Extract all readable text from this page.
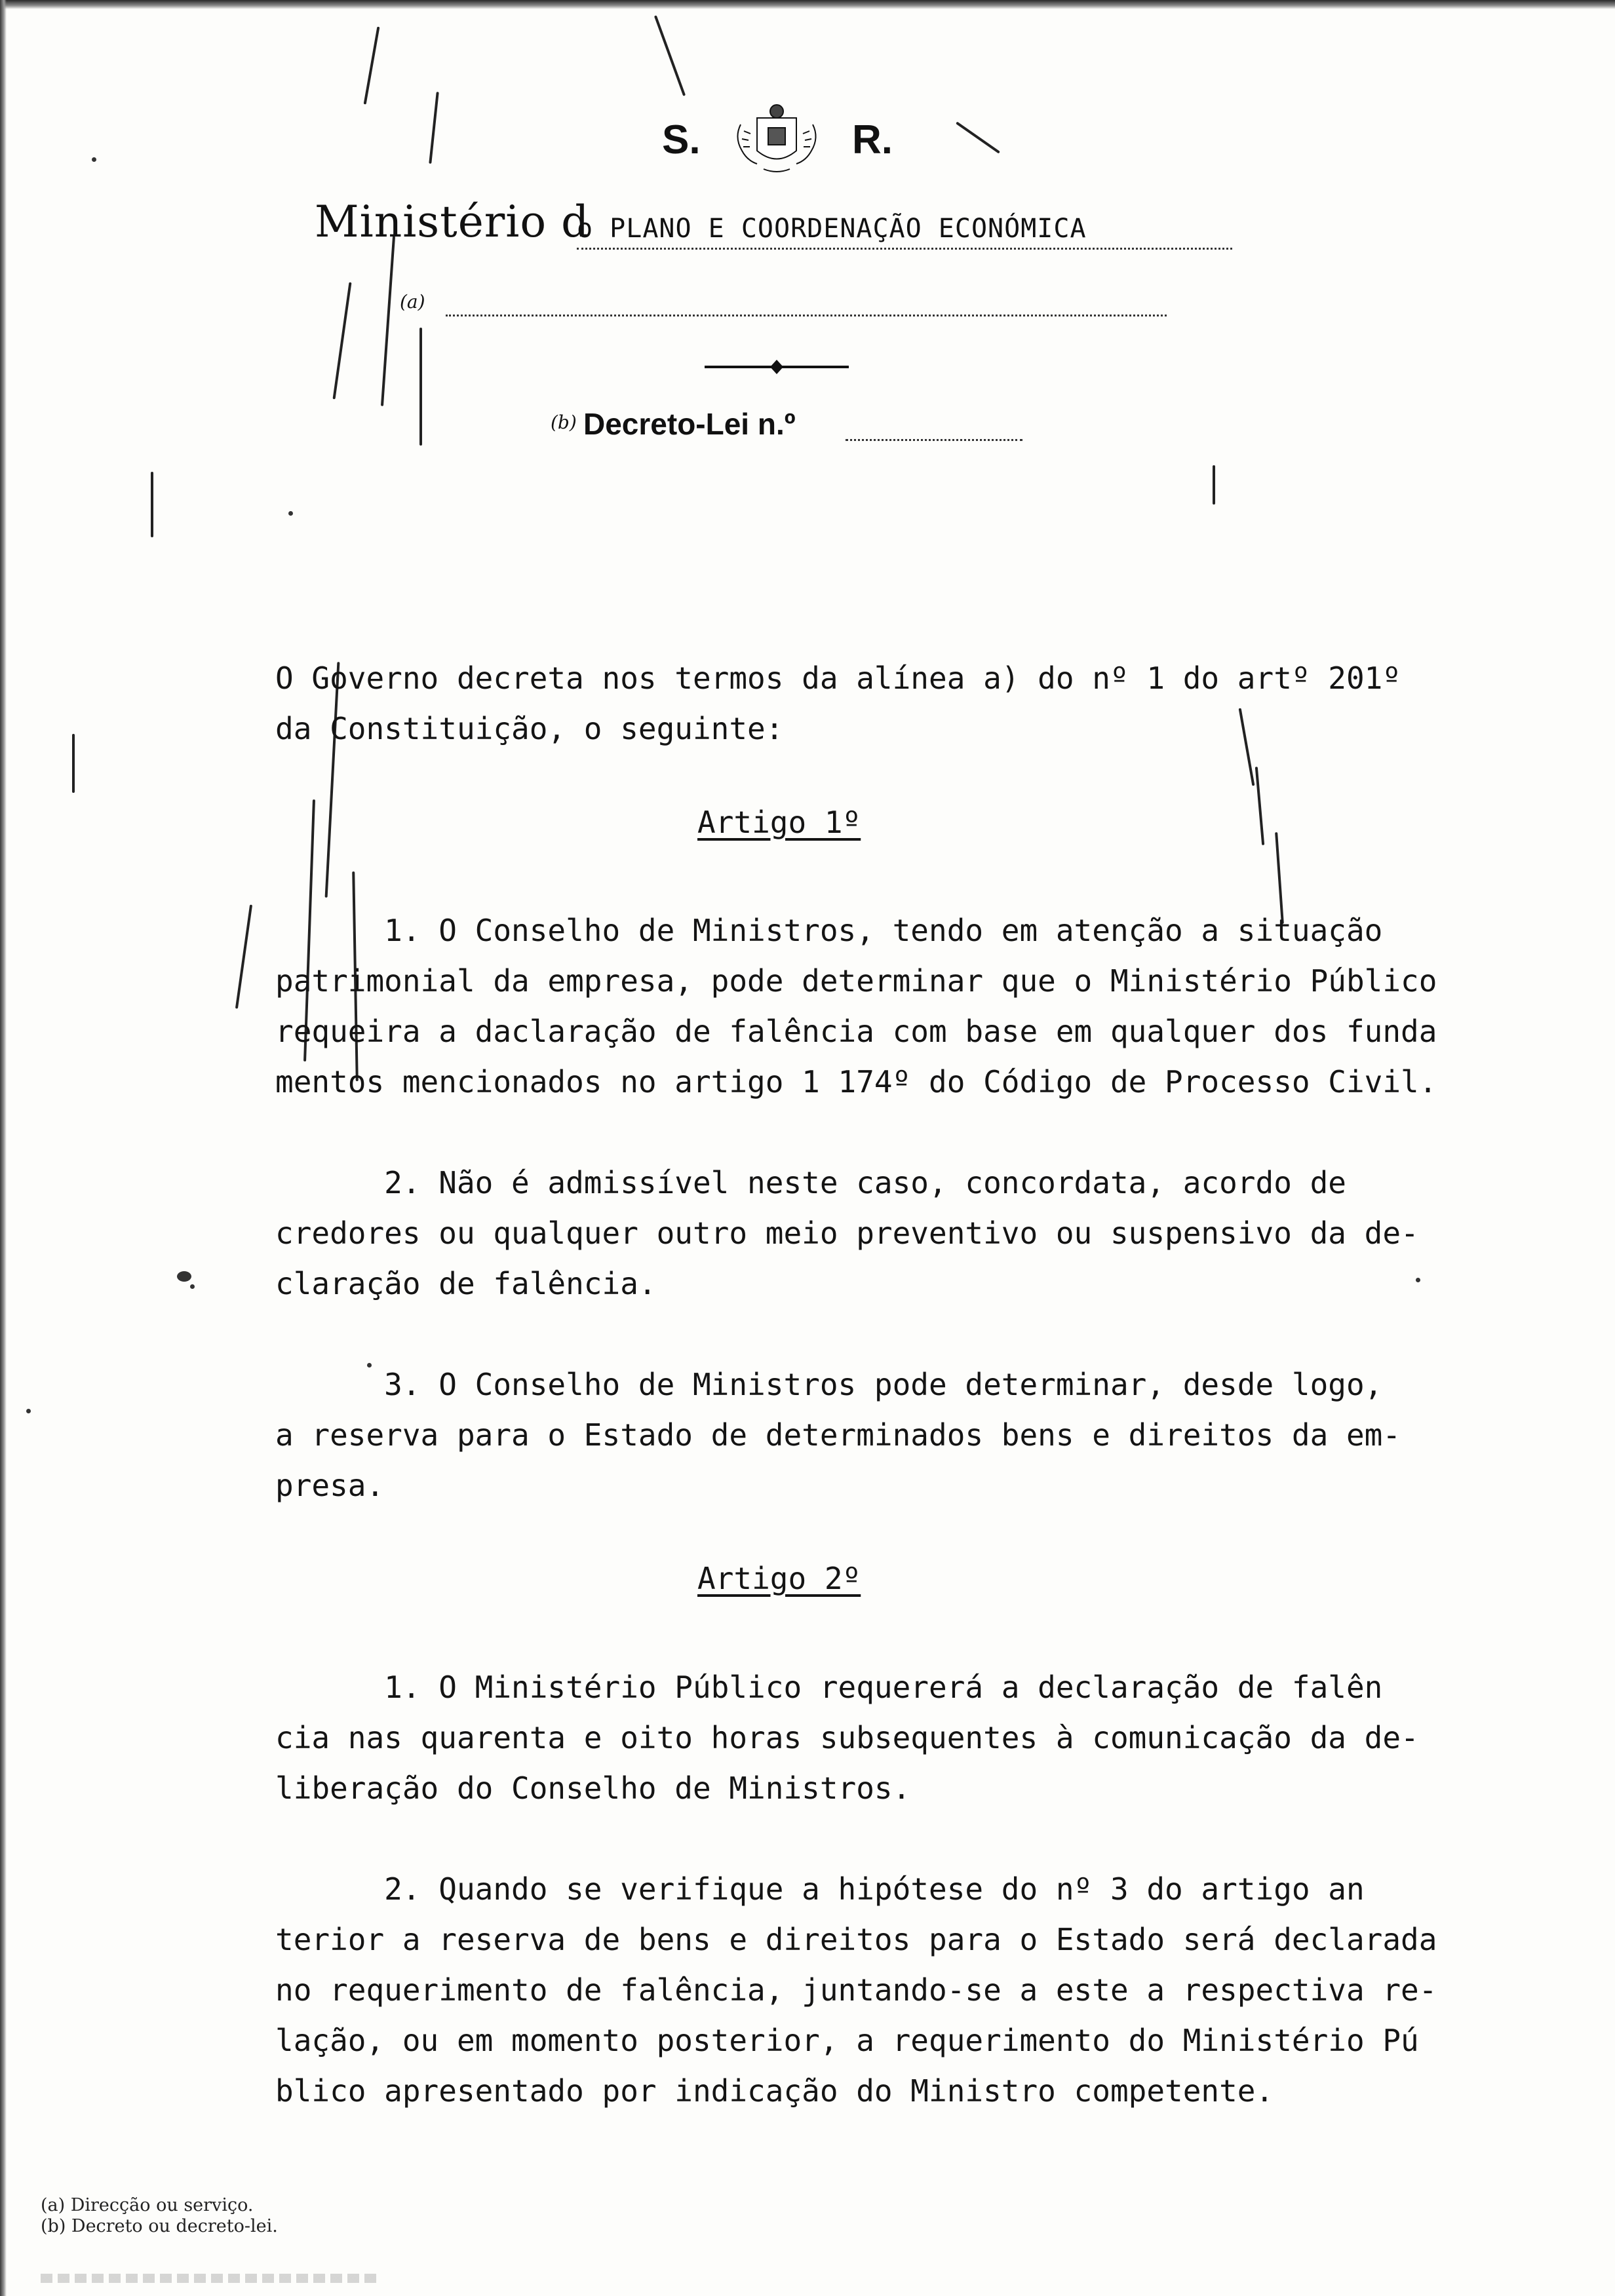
S.	R.
Ministério d
o PLANO E COORDENAÇÃO ECONÓMICA
(a)
(b) Decreto-Lei n.º
O Governo decreta nos termos da alínea a) do nº 1 do artº 201º
da Constituição, o seguinte:
Artigo 1º
1. O Conselho de Ministros, tendo em atenção a situação
patrimonial da empresa, pode determinar que o Ministério Público
requeira a daclaração de falência com base em qualquer dos funda
mentos mencionados no artigo 1 174º do Código de Processo Civil.
2. Não é admissível neste caso, concordata, acordo de
credores ou qualquer outro meio preventivo ou suspensivo da de-
claração de falência.
3. O Conselho de Ministros pode determinar, desde logo,
a reserva para o Estado de determinados bens e direitos da em-
presa.
Artigo 2º
1. O Ministério Público requererá a declaração de falên
cia nas quarenta e oito horas subsequentes à comunicação da de-
liberação do Conselho de Ministros.
2. Quando se verifique a hipótese do nº 3 do artigo an
terior a reserva de bens e direitos para o Estado será declarada
no requerimento de falência, juntando-se a este a respectiva re-
lação, ou em momento posterior, a requerimento do Ministério Pú
blico apresentado por indicação do Ministro competente.
(a) Direcção ou serviço.
(b) Decreto ou decreto-lei.
